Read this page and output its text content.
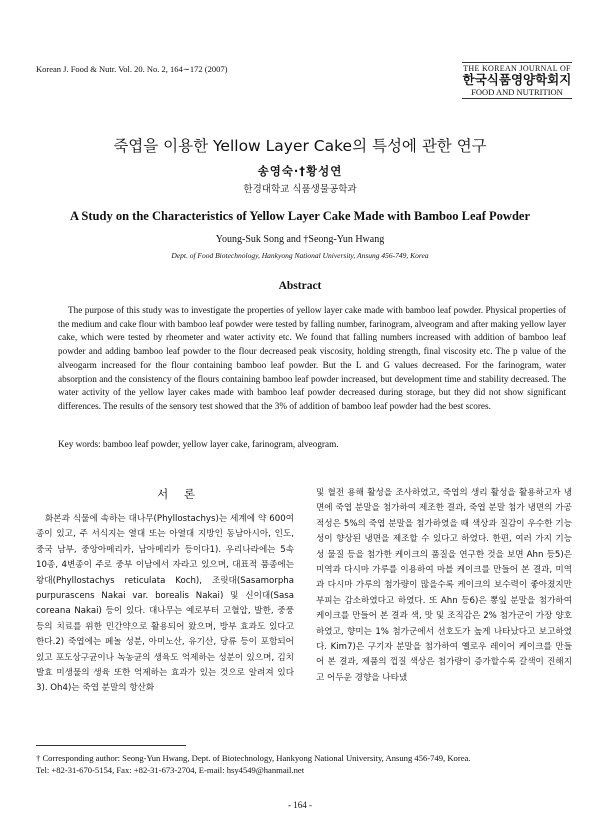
Korean J. Food & Nutr. Vol. 20. No. 2, 164∼172 (2007)	THE KOREAN JOURNAL OF
한국식품영양학회지
FOOD AND NUTRITION
죽엽을 이용한 Yellow Layer Cake의 특성에 관한 연구
송영숙·†황성연
한경대학교 식품생물공학과
A Study on the Characteristics of Yellow Layer Cake Made with Bamboo Leaf Powder
Young-Suk Song and †Seong-Yun Hwang
Dept. of Food Biotechnology, Hankyong National University, Ansung 456-749, Korea
Abstract
The purpose of this study was to investigate the properties of yellow layer cake made with bamboo leaf powder. Physical properties of the medium and cake flour with bamboo leaf powder were tested by falling number, farinogram, alveogram and after making yellow layer cake, which were tested by rheometer and water activity etc. We found that falling numbers increased with addition of bamboo leaf powder and adding bamboo leaf powder to the flour decreased peak viscosity, holding strength, final viscosity etc. The p value of the alveogarm increased for the flour containing bamboo leaf powder. But the L and G values decreased. For the farinogram, water absorption and the consistency of the flours containing bamboo leaf powder increased, but development time and stability decreased. The water activity of the yellow layer cakes made with bamboo leaf powder decreased during storage, but they did not show significant differences. The results of the sensory test showed that the 3% of addition of bamboo leaf powder had the best scores.
Key words: bamboo leaf powder, yellow layer cake, farinogram, alveogram.
서 론

화본과 식물에 속하는 대나무(Phyllostachys)는 세계에 약 600여 종이 있고, 주 서식지는 열대 또는 아열대 지방인 동남아시아, 인도, 중국 남부, 중앙아메리카, 남아메리카 등이다1). 우리나라에는 5속 10종, 4변종이 주로 중부 이남에서 자라고 있으며, 대표적 품종에는 왕대(Phyllostachys reticulata Koch), 조릿대(Sasamorpha purpurascens Nakai var. borealis Nakai) 및 신이대(Sasa coreana Nakai) 등이 있다. 대나무는 예로부터 고혈압, 발한, 중풍 등의 치료를 위한 민간약으로 활용되어 왔으며, 방부 효과도 있다고 한다.2) 죽엽에는 페놀 성분, 아미노산, 유기산, 당류 등이 포함되어 있고 포도상구균이나 녹농균의 생육도 억제하는 성분이 있으며, 김치 발효 미생물의 생육 또한 억제하는 효과가 있는 것으로 알려져 있다3). Oh4)는 죽엽 분말의 항산화

및 혈전 용해 활성을 조사하였고, 죽엽의 생리 활성을 활용하고자 냉면에 죽엽 분말을 첨가하여 제조한 결과, 죽엽 분말 첨가 냉면의 가공적성은 5%의 죽엽 분말을 첨가하였을 때 색상과 질감이 우수한 기능성이 향상된 냉면을 제조할 수 있다고 하였다. 한편, 여러 가지 기능성 물질 등을 첨가한 케이크의 품질을 연구한 것을 보면 Ahn 등5)은 미역과 다시마 가루를 이용하여 마블 케이크를 만들어 본 결과, 미역과 다시마 가루의 첨가량이 많을수록 케이크의 보수력이 좋아졌지만 부피는 감소하였다고 하였다. 또 Ahn 등6)은 뽕잎 분말을 첨가하여 케이크를 만들어 본 결과 색, 맛 및 조직감은 2% 첨가군이 가장 양호하였고, 향미는 1% 첨가군에서 선호도가 높게 나타났다고 보고하였다. Kim7)은 구기자 분말을 첨가하여 옐로우 레이어 케이크를 만들어 본 결과, 제품의 껍질 색상은 첨가량이 증가할수록 갈색이 진해지고 어두운 경향을 나타냈

† Corresponding author: Seong-Yun Hwang, Dept. of Biotechnology, Hankyong National University, Ansung 456-749, Korea.
Tel: +82-31-670-5154, Fax: +82-31-673-2704, E-mail: hsy4549@hanmail.net
- 164 -
